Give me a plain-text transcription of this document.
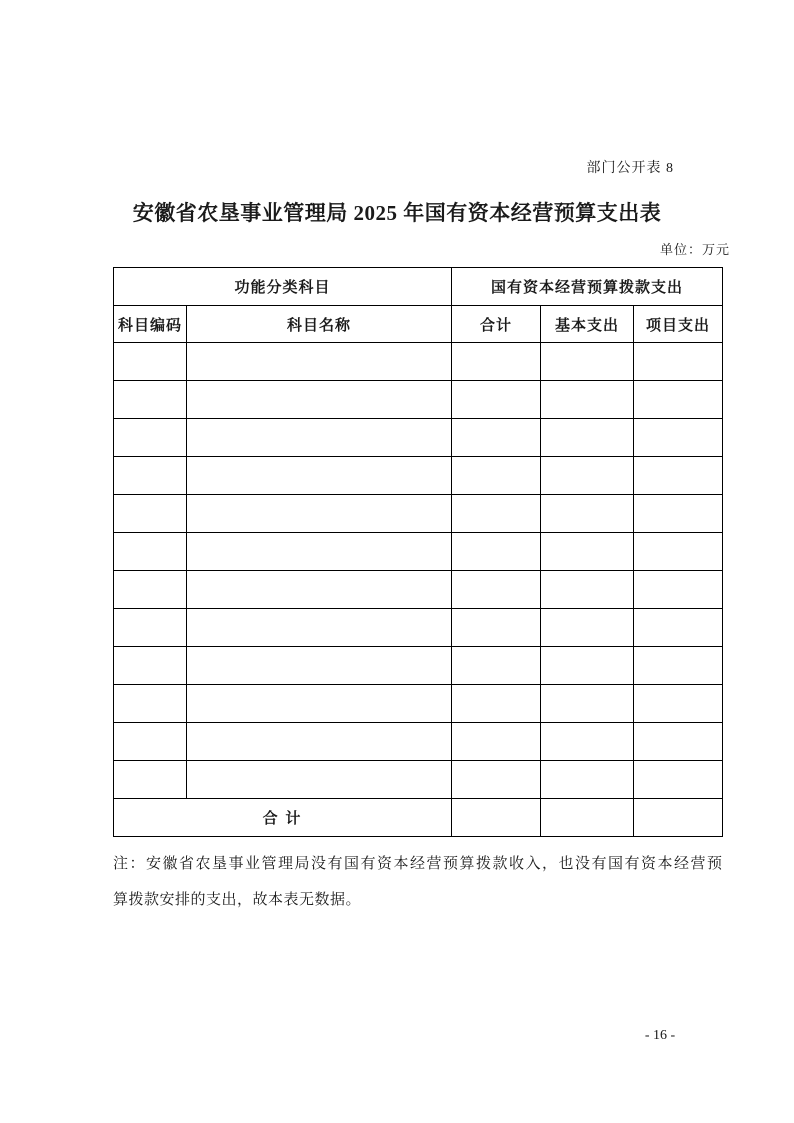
部门公开表 8
安徽省农垦事业管理局 2025 年国有资本经营预算支出表
单位：万元
功能分类科目		国有资本经营预算拨款支出		
科目编码	科目名称	合计	基本支出	项目支出

合 计				
注：安徽省农垦事业管理局没有国有资本经营预算拨款收入，也没有国有资本经营预
算拨款安排的支出，故本表无数据。
- 16 -
